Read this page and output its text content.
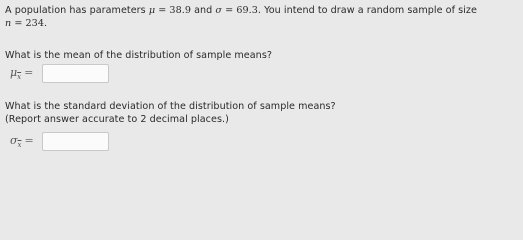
A population has parameters μ = 38.9 and σ = 69.3. You intend to draw a random sample of size
n = 234.
What is the mean of the distribution of sample means?
$\mu_{\overline{x}}$ =
What is the standard deviation of the distribution of sample means?
(Report answer accurate to 2 decimal places.)
$\sigma_{\overline{x}}$ =
